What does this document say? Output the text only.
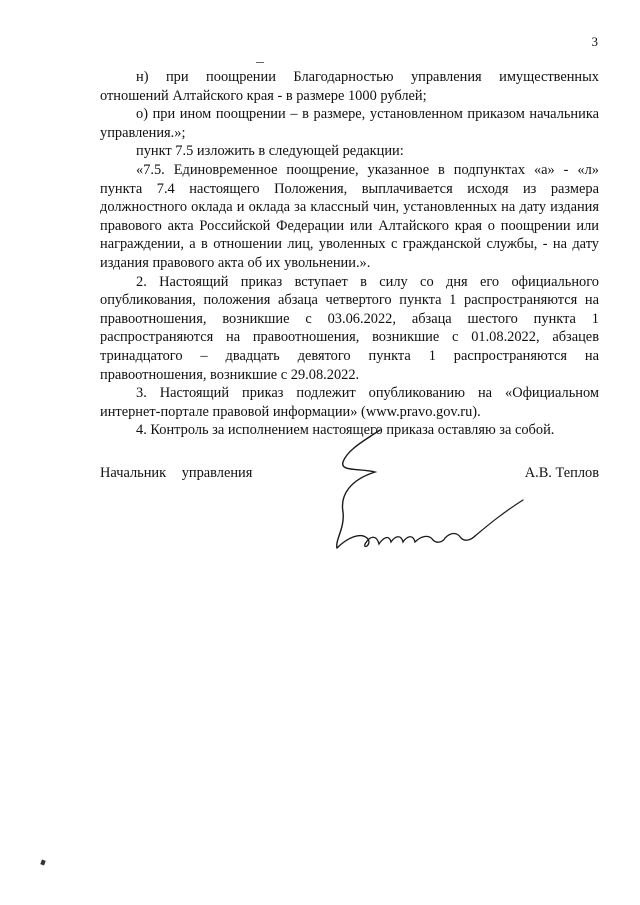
3

н) при поощрении Благодарностью управления имущественных отношений Алтайского края - в размере 1000 рублей;

о) при ином поощрении – в размере, установленном приказом начальника управления.»;

пункт 7.5 изложить в следующей редакции:

«7.5. Единовременное поощрение, указанное в подпунктах «а» - «л» пункта 7.4 настоящего Положения, выплачивается исходя из размера должностного оклада и оклада за классный чин, установленных на дату издания правового акта Российской Федерации или Алтайского края о поощрении или награждении, а в отношении лиц, уволенных с гражданской службы, - на дату издания правового акта об их увольнении.».

2. Настоящий приказ вступает в силу со дня его официального опубликования, положения абзаца четвертого пункта 1 распространяются на правоотношения, возникшие с 03.06.2022, абзаца шестого пункта 1 распространяются на правоотношения, возникшие с 01.08.2022, абзацев тринадцатого – двадцать девятого пункта 1 распространяются на правоотношения, возникшие с 29.08.2022.

3. Настоящий приказ подлежит опубликованию на «Официальном интернет-портале правовой информации» (www.pravo.gov.ru).

4. Контроль за исполнением настоящего приказа оставляю за собой.

Начальник управления	А.В. Теплов
